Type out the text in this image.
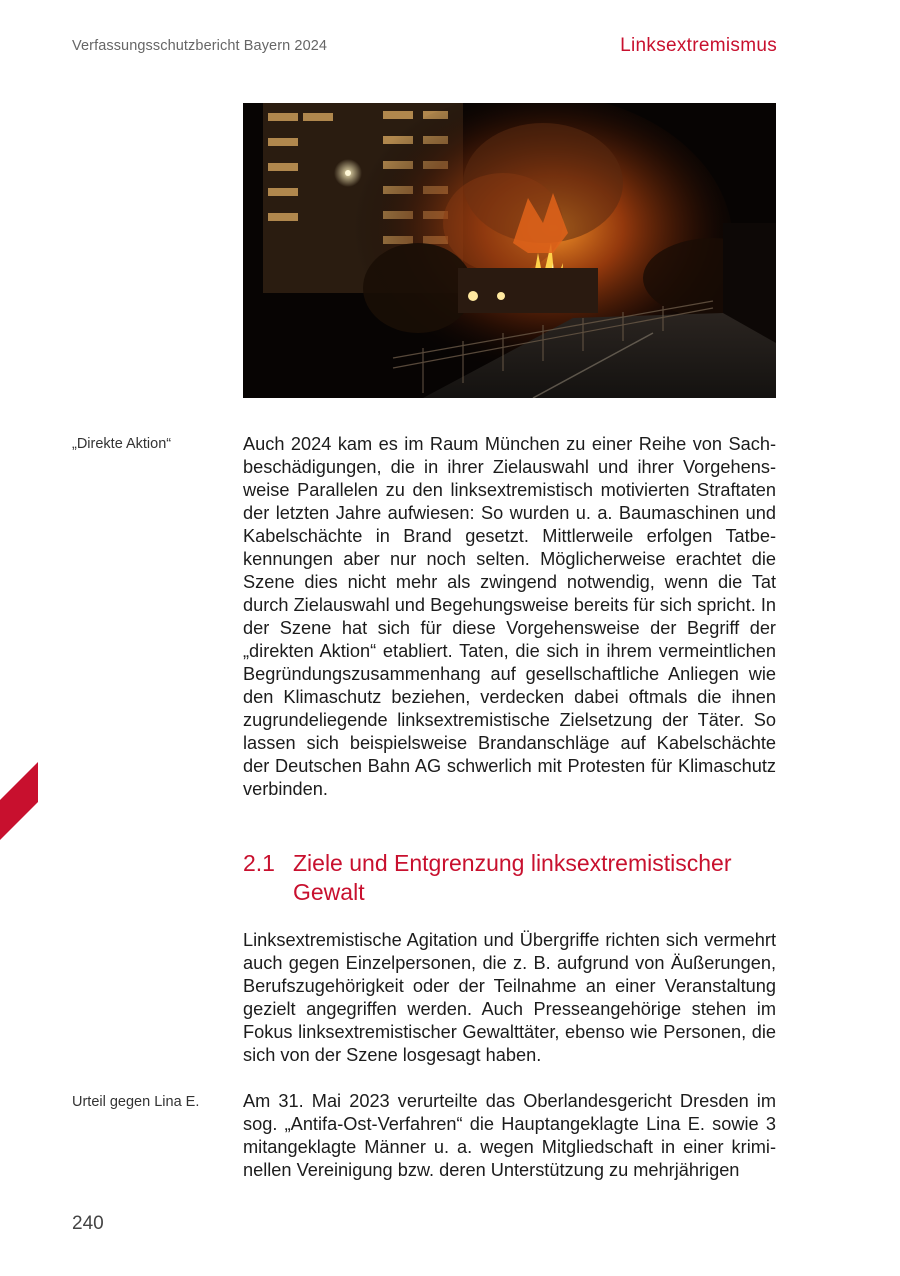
Verfassungsschutzbericht Bayern 2024	Linksextremismus
„Direkte Aktion“	Auch 2024 kam es im Raum München zu einer Reihe von Sachbeschädigungen, die in ihrer Zielauswahl und ihrer Vorgehensweise Parallelen zu den linksextremistisch motivierten Straftaten der letzten Jahre aufwiesen: So wurden u. a. Baumaschinen und Kabelschächte in Brand gesetzt. Mittlerweile erfolgen Tatbekennungen aber nur noch selten. Möglicherweise erachtet die Szene dies nicht mehr als zwingend notwendig, wenn die Tat durch Zielauswahl und Begehungsweise bereits für sich spricht. In der Szene hat sich für diese Vorgehensweise der Begriff der „direkten Aktion“ etabliert. Taten, die sich in ihrem vermeintlichen Begründungszusammenhang auf gesellschaftliche Anliegen wie den Klimaschutz beziehen, verdecken dabei oftmals die ihnen zugrundeliegende linksextremistische Zielsetzung der Täter. So lassen sich beispielsweise Brandanschläge auf Kabelschächte der Deutschen Bahn AG schwerlich mit Protesten für Klimaschutz verbinden.

2.1 Ziele und Entgrenzung linksextremistischer Gewalt

Linksextremistische Agitation und Übergriffe richten sich vermehrt auch gegen Einzelpersonen, die z. B. aufgrund von Äußerungen, Berufszugehörigkeit oder der Teilnahme an einer Veranstaltung gezielt angegriffen werden. Auch Presseangehörige stehen im Fokus linksextremistischer Gewalttäter, ebenso wie Personen, die sich von der Szene losgesagt haben.

Urteil gegen Lina E. Am 31. Mai 2023 verurteilte das Oberlandesgericht Dresden im sog. „Antifa-Ost-Verfahren“ die Hauptangeklagte Lina E. sowie 3 mitangeklagte Männer u. a. wegen Mitgliedschaft in einer kriminellen Vereinigung bzw. deren Unterstützung zu mehrjährigen

240
